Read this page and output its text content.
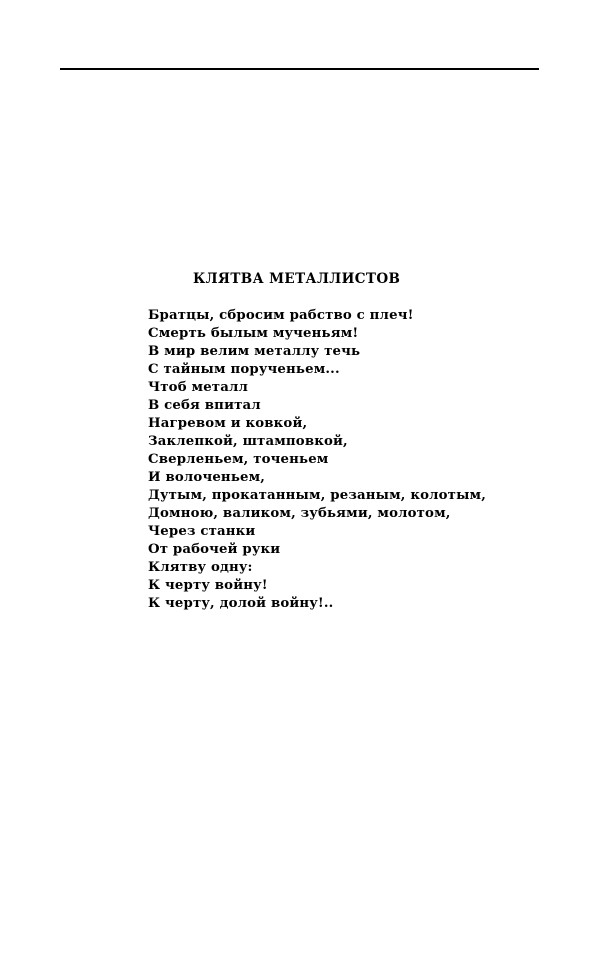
КЛЯТВА МЕТАЛЛИСТОВ
Братцы, сбросим рабство с плеч!
Смерть былым мученьям!
В мир велим металлу течь
С тайным порученьем...
Чтоб металл
В себя впитал
Нагревом и ковкой,
Заклепкой, штамповкой,
Сверленьем, точеньем
И волоченьем,
Дутым, прокатанным, резаным, колотым,
Домною, валиком, зубьями, молотом,
Через станки
От рабочей руки
Клятву одну:
К черту войну!
К черту, долой войну!..
